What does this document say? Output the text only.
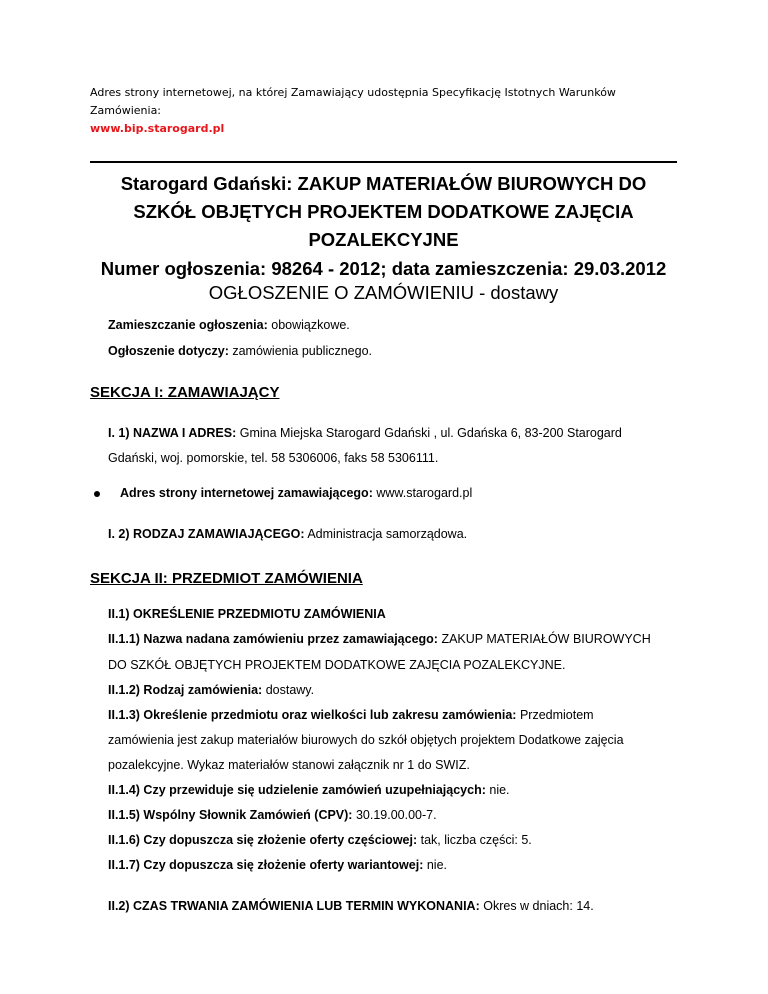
Adres strony internetowej, na której Zamawiający udostępnia Specyfikację Istotnych Warunków Zamówienia:
www.bip.starogard.pl
Starogard Gdański: ZAKUP MATERIAŁÓW BIUROWYCH DO SZKÓŁ OBJĘTYCH PROJEKTEM DODATKOWE ZAJĘCIA POZALEKCYJNE
Numer ogłoszenia: 98264 - 2012; data zamieszczenia: 29.03.2012
OGŁOSZENIE O ZAMÓWIENIU - dostawy
Zamieszczanie ogłoszenia: obowiązkowe.
Ogłoszenie dotyczy: zamówienia publicznego.
SEKCJA I: ZAMAWIAJĄCY
I. 1) NAZWA I ADRES: Gmina Miejska Starogard Gdański , ul. Gdańska 6, 83-200 Starogard
Gdański, woj. pomorskie, tel. 58 5306006, faks 58 5306111.
Adres strony internetowej zamawiającego: www.starogard.pl
I. 2) RODZAJ ZAMAWIAJĄCEGO: Administracja samorządowa.
SEKCJA II: PRZEDMIOT ZAMÓWIENIA
II.1) OKREŚLENIE PRZEDMIOTU ZAMÓWIENIA
II.1.1) Nazwa nadana zamówieniu przez zamawiającego: ZAKUP MATERIAŁÓW BIUROWYCH
DO SZKÓŁ OBJĘTYCH PROJEKTEM DODATKOWE ZAJĘCIA POZALEKCYJNE.
II.1.2) Rodzaj zamówienia: dostawy.
II.1.3) Określenie przedmiotu oraz wielkości lub zakresu zamówienia: Przedmiotem
zamówienia jest zakup materiałów biurowych do szkół objętych projektem Dodatkowe zajęcia
pozalekcyjne. Wykaz materiałów stanowi załącznik nr 1 do SWIZ.
II.1.4) Czy przewiduje się udzielenie zamówień uzupełniających: nie.
II.1.5) Wspólny Słownik Zamówień (CPV): 30.19.00.00-7.
II.1.6) Czy dopuszcza się złożenie oferty częściowej: tak, liczba części: 5.
II.1.7) Czy dopuszcza się złożenie oferty wariantowej: nie.
II.2) CZAS TRWANIA ZAMÓWIENIA LUB TERMIN WYKONANIA: Okres w dniach: 14.
